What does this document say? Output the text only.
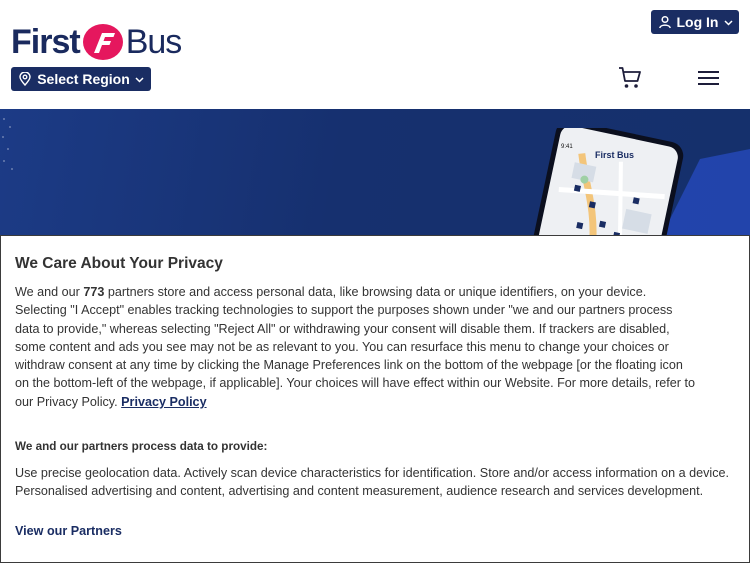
First Bus
Log In
Select Region
9:41
First Bus
We Care About Your Privacy
We and our 773 partners store and access personal data, like browsing data or unique identifiers, on your device. Selecting "I Accept" enables tracking technologies to support the purposes shown under "we and our partners process data to provide," whereas selecting "Reject All" or withdrawing your consent will disable them. If trackers are disabled, some content and ads you see may not be as relevant to you. You can resurface this menu to change your choices or withdraw consent at any time by clicking the Manage Preferences link on the bottom of the webpage [or the floating icon on the bottom-left of the webpage, if applicable]. Your choices will have effect within our Website. For more details, refer to our Privacy Policy. Privacy Policy
We and our partners process data to provide:
Use precise geolocation data. Actively scan device characteristics for identification. Store and/or access information on a device. Personalised advertising and content, advertising and content measurement, audience research and services development.
View our Partners
